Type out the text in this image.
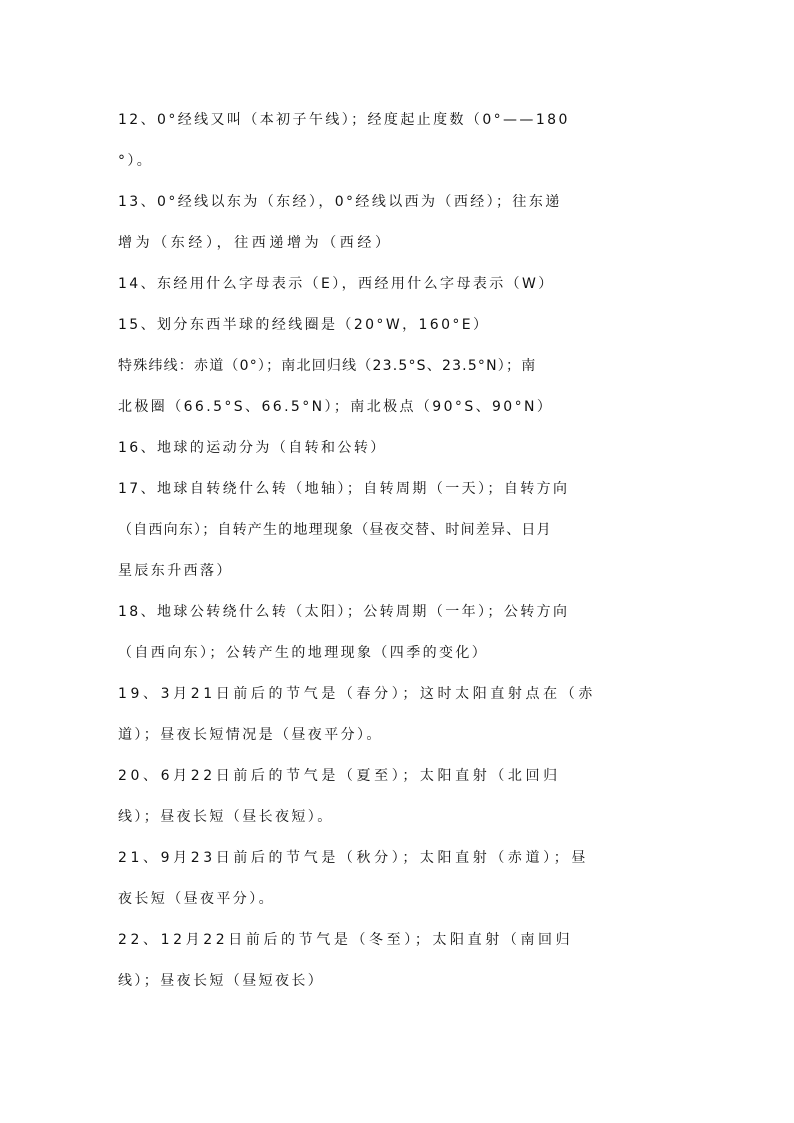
12、0°经线又叫（本初子午线）；经度起止度数（0°——180
°）。
13、0°经线以东为（东经），0°经线以西为（西经）；往东递
增为（东经），往西递增为（西经）
14、东经用什么字母表示（E），西经用什么字母表示（W）
15、划分东西半球的经线圈是（20°W，160°E）
特殊纬线：赤道（0°）；南北回归线（23.5°S、23.5°N）；南
北极圈（66.5°S、66.5°N）；南北极点（90°S、90°N）
16、地球的运动分为（自转和公转）
17、地球自转绕什么转（地轴）；自转周期（一天）；自转方向
（自西向东）；自转产生的地理现象（昼夜交替、时间差异、日月
星辰东升西落）
18、地球公转绕什么转（太阳）；公转周期（一年）；公转方向
（自西向东）；公转产生的地理现象（四季的变化）
19、3月21日前后的节气是（春分）；这时太阳直射点在（赤
道）；昼夜长短情况是（昼夜平分）。
20、6月22日前后的节气是（夏至）；太阳直射（北回归
线）；昼夜长短（昼长夜短）。
21、9月23日前后的节气是（秋分）；太阳直射（赤道）；昼
夜长短（昼夜平分）。
22、12月22日前后的节气是（冬至）；太阳直射（南回归
线）；昼夜长短（昼短夜长）
